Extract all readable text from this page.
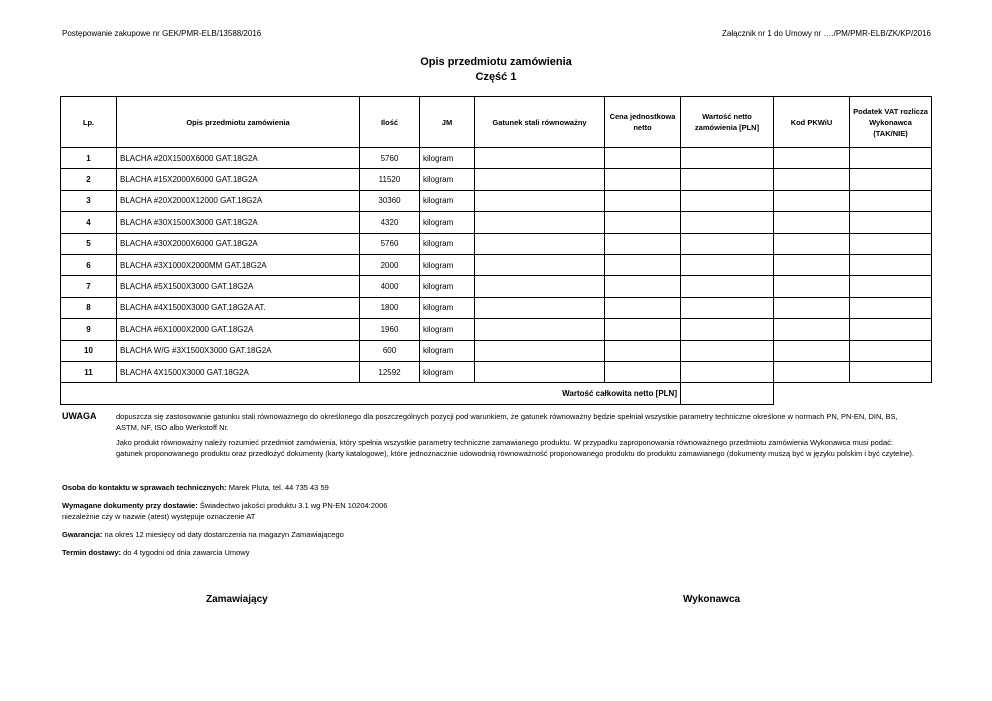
Postępowanie zakupowe nr GEK/PMR-ELB/13588/2016	Załącznik nr 1 do Umowy nr …./PM/PMR-ELB/ZK/KP/2016
Opis przedmiotu zamówienia
Część 1
Lp.	Opis przedmiotu zamówienia	Ilość	JM	Gatunek stali równoważny	Cena jednostkowa netto	Wartość netto zamówienia [PLN]	Kod PKWiU	Podatek VAT rozlicza Wykonawca (TAK/NIE)
1	BLACHA #20X1500X6000 GAT.18G2A	5760	kilogram					
2	BLACHA #15X2000X6000 GAT.18G2A	11520	kilogram					
3	BLACHA #20X2000X12000 GAT.18G2A	30360	kilogram					
4	BLACHA #30X1500X3000 GAT.18G2A	4320	kilogram					
5	BLACHA #30X2000X6000 GAT.18G2A	5760	kilogram					
6	BLACHA #3X1000X2000MM GAT.18G2A	2000	kilogram					
7	BLACHA #5X1500X3000 GAT.18G2A	4000	kilogram					
8	BLACHA #4X1500X3000 GAT.18G2A AT.	1800	kilogram					
9	BLACHA #6X1000X2000 GAT.18G2A	1960	kilogram					
10	BLACHA W/G #3X1500X3000 GAT.18G2A	600	kilogram					
11	BLACHA 4X1500X3000 GAT.18G2A	12592	kilogram					
Wartość całkowita netto [PLN]								
UWAGA	dopuszcza się zastosowanie gatunku stali równoważnego do określonego dla poszczególnych pozycji pod warunkiem, że gatunek równoważny będzie spełniał wszystkie parametry techniczne określone w normach PN, PN-EN, DIN, BS, ASTM, NF, ISO albo Werkstoff Nr.
Jako produkt równoważny należy rozumieć przedmiot zamówienia, który spełnia wszystkie parametry techniczne zamawianego produktu. W przypadku zaproponowania równoważnego przedmiotu zamówienia Wykonawca musi podać: gatunek proponowanego produktu oraz przedłożyć dokumenty (karty katalogowe), które jednoznacznie udowodnią równoważność proponowanego produktu do produktu zamawianego (dokumenty muszą być w języku polskim i być czytelne).
Osoba do kontaktu w sprawach technicznych: Marek Pluta, tel. 44 735 43 59
Wymagane dokumenty przy dostawie: Świadectwo jakości produktu 3.1 wg PN-EN 10204:2006
niezależnie czy w nazwie (atest) występuje oznaczenie AT
Gwarancja: na okres 12 miesięcy od daty dostarczenia na magazyn Zamawiającego
Termin dostawy: do 4 tygodni od dnia zawarcia Umowy
Zamawiający	Wykonawca
